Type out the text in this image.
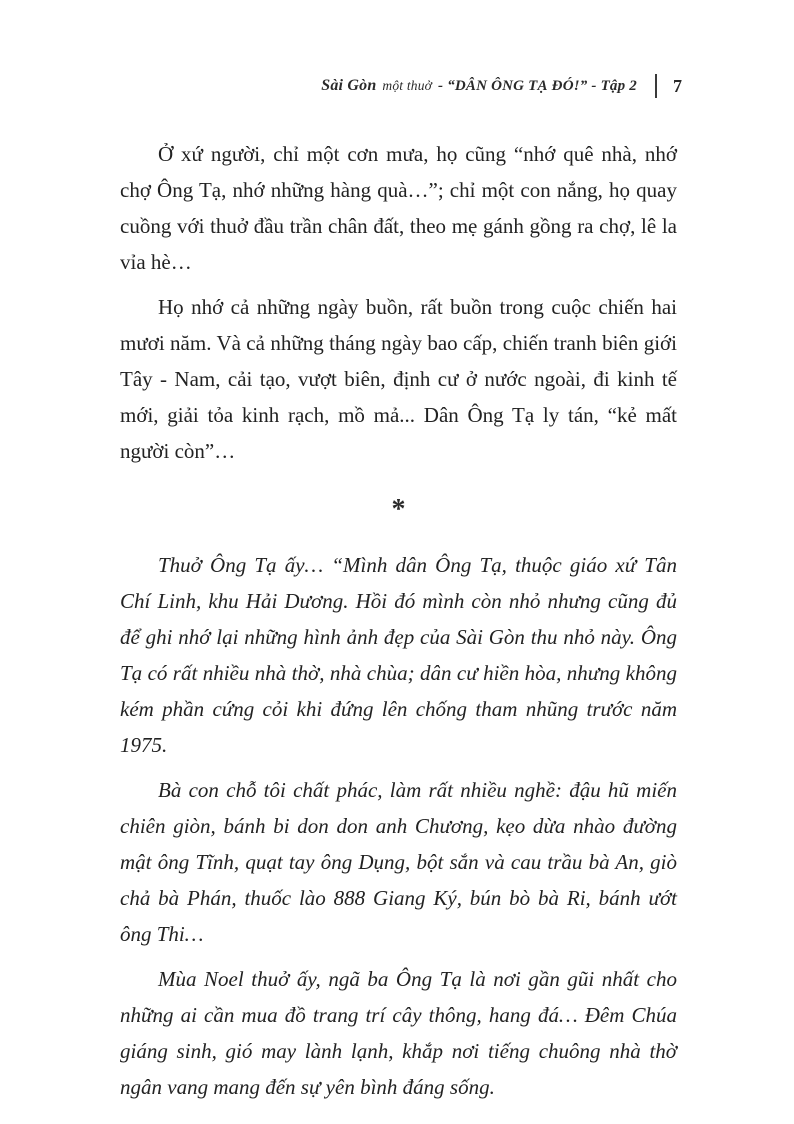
Sài Gòn một thuở - “DÂN ÔNG TẠ ĐÓ!” - Tập 2 7

Ở xứ người, chỉ một cơn mưa, họ cũng “nhớ quê nhà, nhớ chợ Ông Tạ, nhớ những hàng quà…”; chỉ một con nắng, họ quay cuồng với thuở đầu trần chân đất, theo mẹ gánh gồng ra chợ, lê la vỉa hè…

Họ nhớ cả những ngày buồn, rất buồn trong cuộc chiến hai mươi năm. Và cả những tháng ngày bao cấp, chiến tranh biên giới Tây - Nam, cải tạo, vượt biên, định cư ở nước ngoài, đi kinh tế mới, giải tỏa kinh rạch, mồ mả... Dân Ông Tạ ly tán, “kẻ mất người còn”…

*

Thuở Ông Tạ ấy… “Mình dân Ông Tạ, thuộc giáo xứ Tân Chí Linh, khu Hải Dương. Hồi đó mình còn nhỏ nhưng cũng đủ để ghi nhớ lại những hình ảnh đẹp của Sài Gòn thu nhỏ này. Ông Tạ có rất nhiều nhà thờ, nhà chùa; dân cư hiền hòa, nhưng không kém phần cứng cỏi khi đứng lên chống tham nhũng trước năm 1975.

Bà con chỗ tôi chất phác, làm rất nhiều nghề: đậu hũ miến chiên giòn, bánh bi don don anh Chương, kẹo dừa nhào đường mật ông Tĩnh, quạt tay ông Dụng, bột sắn và cau trầu bà An, giò chả bà Phán, thuốc lào 888 Giang Ký, bún bò bà Ri, bánh ướt ông Thi…

Mùa Noel thuở ấy, ngã ba Ông Tạ là nơi gần gũi nhất cho những ai cần mua đồ trang trí cây thông, hang đá… Đêm Chúa giáng sinh, gió may lành lạnh, khắp nơi tiếng chuông nhà thờ ngân vang mang đến sự yên bình đáng sống.
